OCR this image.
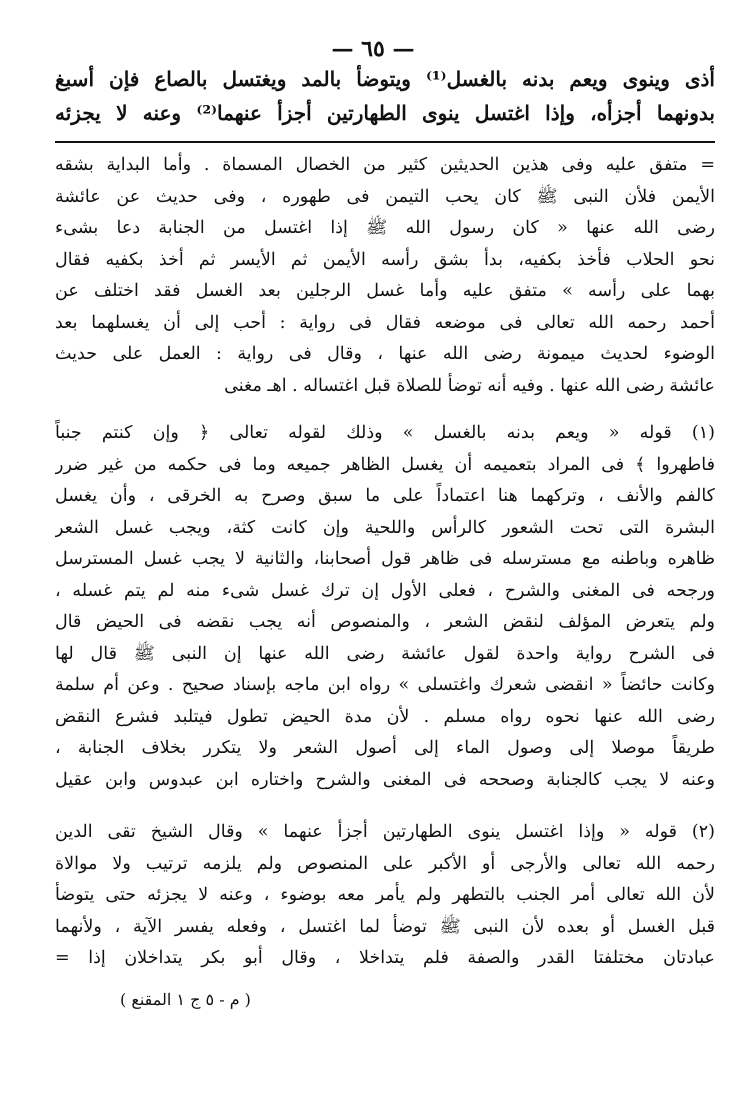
— ٦٥ —
أذى وينوى ويعم بدنه بالغسل⁽¹⁾ ويتوضأ بالمد ويغتسل بالصاع فإن أسبغ
بدونهما أجزأه، وإذا اغتسل ينوى الطهارتين أجزأ عنهما⁽²⁾ وعنه لا يجزئه
= متفق عليه وفى هذين الحديثين كثير من الخصال المسماة . وأما البداية بشقه
الأيمن فلأن النبى ﷺ كان يحب التيمن فى طهوره ، وفى حديث عن عائشة
رضى الله عنها « كان رسول الله ﷺ إذا اغتسل من الجنابة دعا بشىء
نحو الحلاب فأخذ بكفيه، بدأ بشق رأسه الأيمن ثم الأيسر ثم أخذ بكفيه فقال
بهما على رأسه » متفق عليه وأما غسل الرجلين بعد الغسل فقد اختلف عن
أحمد رحمه الله تعالى فى موضعه فقال فى رواية : أحب إلى أن يغسلهما بعد
الوضوء لحديث ميمونة رضى الله عنها ، وقال فى رواية : العمل على حديث
عائشة رضى الله عنها . وفيه أنه توضأ للصلاة قبل اغتساله . اهـ مغنى
(١) قوله « ويعم بدنه بالغسل » وذلك لقوله تعالى ﴿ وإن كنتم جنباً
فاطهروا ﴾ فى المراد بتعميمه أن يغسل الظاهر جميعه وما فى حكمه من غير ضرر
كالفم والأنف ، وتركهما هنا اعتماداً على ما سبق وصرح به الخرقى ، وأن يغسل
البشرة التى تحت الشعور كالرأس واللحية وإن كانت كثة، ويجب غسل الشعر
ظاهره وباطنه مع مسترسله فى ظاهر قول أصحابنا، والثانية لا يجب غسل المسترسل
ورجحه فى المغنى والشرح ، فعلى الأول إن ترك غسل شىء منه لم يتم غسله ،
ولم يتعرض المؤلف لنقض الشعر ، والمنصوص أنه يجب نقضه فى الحيض قال
فى الشرح رواية واحدة لقول عائشة رضى الله عنها إن النبى ﷺ قال لها
وكانت حائضاً « انقضى شعرك واغتسلى » رواه ابن ماجه بإسناد صحيح . وعن أم سلمة
رضى الله عنها نحوه رواه مسلم . لأن مدة الحيض تطول فيتلبد فشرع النقض
طريقاً موصلا إلى وصول الماء إلى أصول الشعر ولا يتكرر بخلاف الجنابة ،
وعنه لا يجب كالجنابة وصححه فى المغنى والشرح واختاره ابن عبدوس وابن عقيل
(٢) قوله « وإذا اغتسل ينوى الطهارتين أجزأ عنهما » وقال الشيخ تقى الدين
رحمه الله تعالى والأرجى أو الأكبر على المنصوص ولم يلزمه ترتيب ولا موالاة
لأن الله تعالى أمر الجنب بالتطهر ولم يأمر معه بوضوء ، وعنه لا يجزئه حتى يتوضأ
قبل الغسل أو بعده لأن النبى ﷺ توضأ لما اغتسل ، وفعله يفسر الآية ، ولأنهما
عبادتان مختلفتا القدر والصفة فلم يتداخلا ، وقال أبو بكر يتداخلان إذا =
( م - ٥ ج ١ المقنع )
